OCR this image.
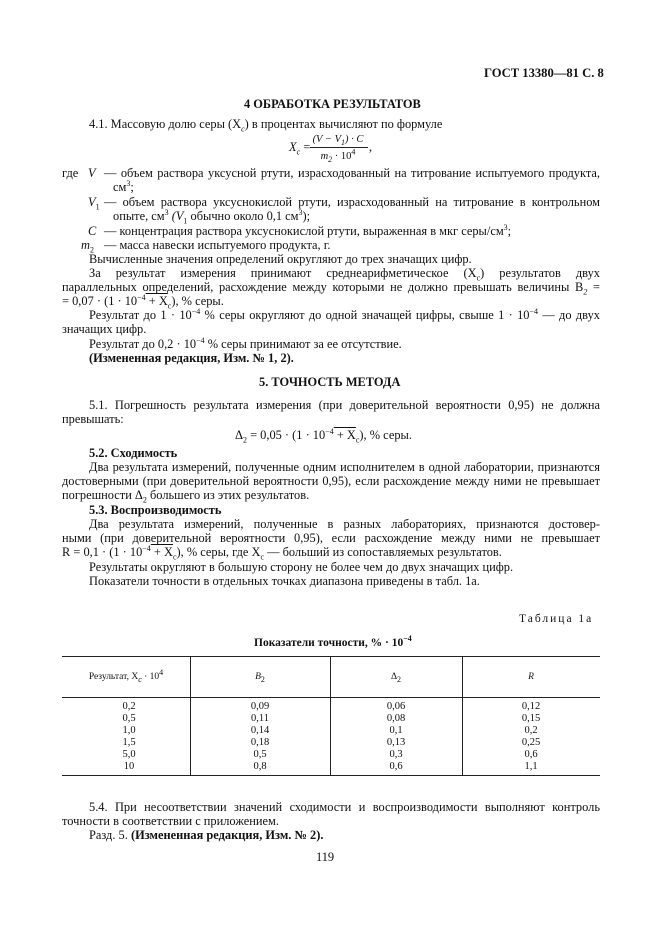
ГОСТ 13380—81 С. 8
4 ОБРАБОТКА РЕЗУЛЬТАТОВ
4.1. Массовую долю серы $(X_c)$ в процентах вычисляют по формуле
$X_c$ =
$(V - V_1) \cdot C$
$m_2 \cdot 10^4$	,
где V — объем раствора уксусной ртути, израсходованный на титрование испытуемого продукта,
$см^3$;
$V_1$ — объем раствора уксуснокислой ртути, израсходованный на титрование в контрольном
опыте, $см^3$ ($V_1$ обычно около 0,1 $см^3$);
C — концентрация раствора уксуснокислой ртути, выраженная в мкг серы/$см^3$;
$m_2$ — масса навески испытуемого продукта, г.
Вычисленные значения определений округляют до трех значащих цифр.
За результат измерения принимают среднеарифметическое $(X_c)$ результатов двух
параллельных определений, расхождение между которыми не должно превышать величины $B_2$ =
= $0,07 \cdot (1 \cdot 10^{-4} + X_c)$, % серы.
Результат до $1 \cdot 10^{-4}$ % серы округляют до одной значащей цифры, свыше $1 \cdot 10^{-4}$ — до двух
значащих цифр.
Результат до $0,2 \cdot 10^{-4}$ % серы принимают за ее отсутствие.
(Измененная редакция, Изм. № 1, 2).
5. ТОЧНОСТЬ МЕТОДА
5.1. Погрешность результата измерения (при доверительной вероятности 0,95) не должна
превышать:
$\Delta_2 = 0,05 \cdot (1 \cdot 10^{-4} + X_c)$, % серы.
5.2. Сходимость
Два результата измерений, полученные одним исполнителем в одной лаборатории, признаются
достоверными (при доверительной вероятности 0,95), если расхождение между ними не превышает
погрешности $\Delta_2$ большего из этих результатов.
5.3. Воспроизводимость
Два результата измерений, полученные в разных лабораториях, признаются достовер-
ными (при доверительной вероятности 0,95), если расхождение между ними не превышает
$R = 0,1 \cdot (1 \cdot 10^{-4} + X_c)$, % серы, где $X_c$ — больший из сопоставляемых результатов.
Результаты округляют в большую сторону не более чем до двух значащих цифр.
Показатели точности в отдельных точках диапазона приведены в табл. 1а.
Таблица 1а
Показатели точности, % · $10^{-4}$
Результат, $X_c \cdot 10^4$	$B_2$	$\Delta_2$	R
0,2	0,09	0,06	0,12
0,5	0,11	0,08	0,15
1,0	0,14	0,1	0,2
1,5	0,18	0,13	0,25
5,0	0,5	0,3	0,6
10	0,8	0,6	1,1
5.4. При несоответствии значений сходимости и воспроизводимости выполняют контроль
точности в соответствии с приложением.
Разд. 5. (Измененная редакция, Изм. № 2).
119
